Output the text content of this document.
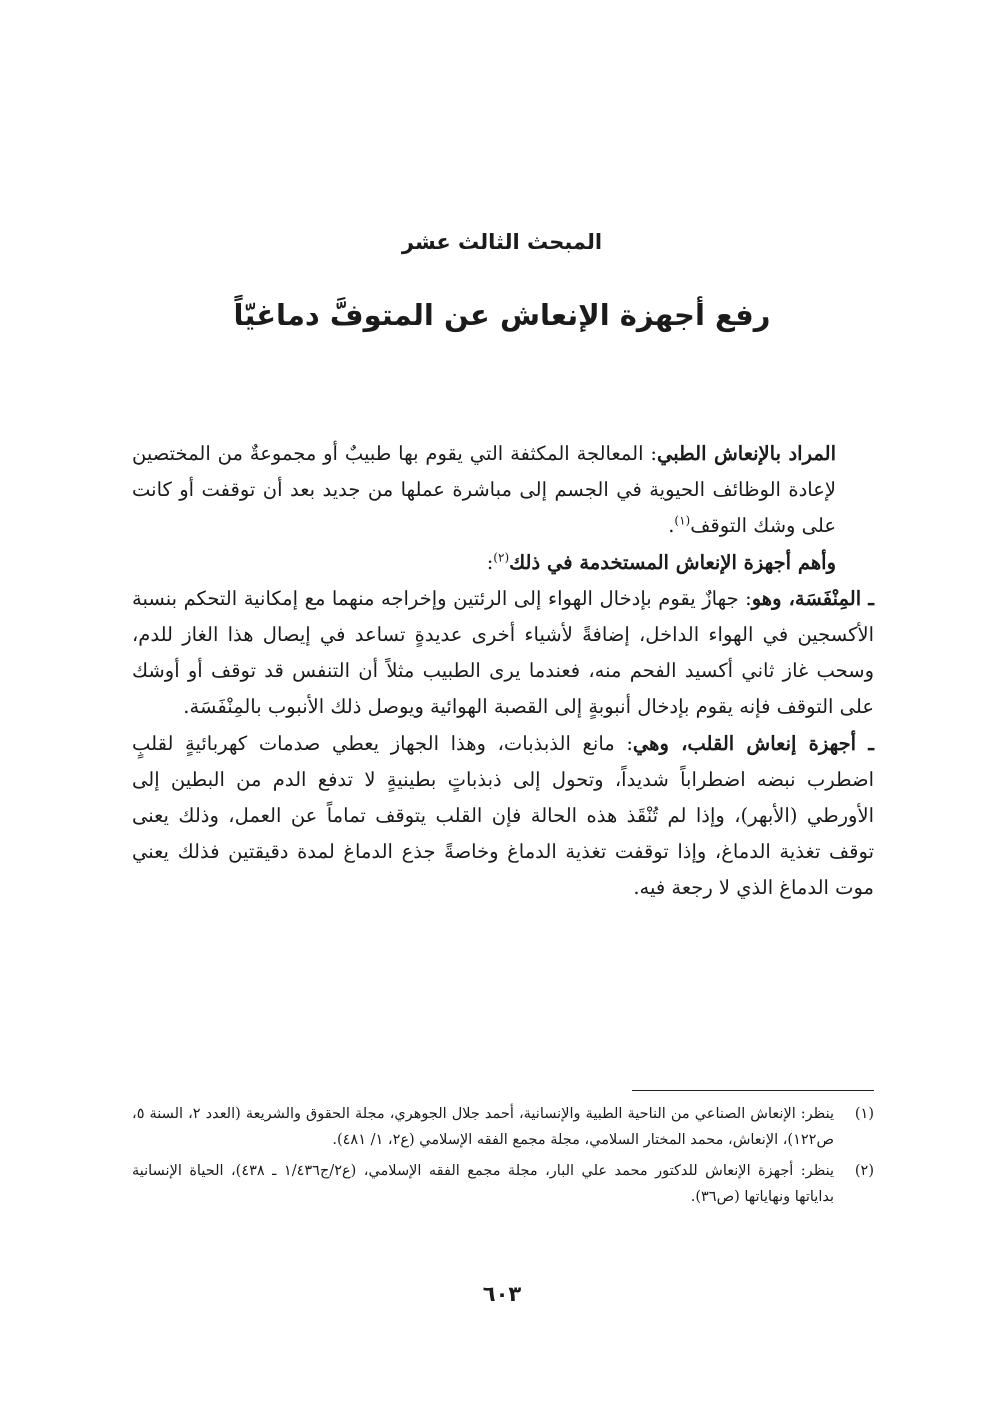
المبحث الثالث عشر
رفع أجهزة الإنعاش عن المتوفَّ دماغيّاً

المراد بالإنعاش الطبي: المعالجة المكثفة التي يقوم بها طبيبٌ أو مجموعةٌ من المختصين لإعادة الوظائف الحيوية في الجسم إلى مباشرة عملها من جديد بعد أن توقفت أو كانت على وشك التوقف$^{(١)}$.

وأهم أجهزة الإنعاش المستخدمة في ذلك$^{(٢)}$:

ـ المِنْفَسَة، وهو: جهازٌ يقوم بإدخال الهواء إلى الرئتين وإخراجه منهما مع إمكانية التحكم بنسبة الأكسجين في الهواء الداخل، إضافةً لأشياء أخرى عديدةٍ تساعد في إيصال هذا الغاز للدم، وسحب غاز ثاني أكسيد الفحم منه، فعندما يرى الطبيب مثلاً أن التنفس قد توقف أو أوشك على التوقف فإنه يقوم بإدخال أنبوبةٍ إلى القصبة الهوائية ويوصل ذلك الأنبوب بالمِنْفَسَة.

ـ أجهزة إنعاش القلب، وهي: مانع الذبذبات، وهذا الجهاز يعطي صدمات كهربائيةٍ لقلبٍ اضطرب نبضه اضطراباً شديداً، وتحول إلى ذبذباتٍ بطينيةٍ لا تدفع الدم من البطين إلى الأورطي (الأبهر)، وإذا لم تُنْقَذ هذه الحالة فإن القلب يتوقف تماماً عن العمل، وذلك يعنى توقف تغذية الدماغ، وإذا توقفت تغذية الدماغ وخاصةً جذع الدماغ لمدة دقيقتين فذلك يعني موت الدماغ الذي لا رجعة فيه.

(١)
ينظر: الإنعاش الصناعي من الناحية الطبية والإنسانية، أحمد جلال الجوهري، مجلة الحقوق والشريعة (العدد ٢، السنة ٥، ص١٢٢)، الإنعاش، محمد المختار السلامي، مجلة مجمع الفقه الإسلامي (ع٢، ١/ ٤٨١).
(٢)
ينظر: أجهزة الإنعاش للدكتور محمد علي البار، مجلة مجمع الفقه الإسلامي، (ع٢/ج١/٤٣٦ ـ ٤٣٨)، الحياة الإنسانية بداياتها ونهاياتها (ص٣٦).
٦٠٣
